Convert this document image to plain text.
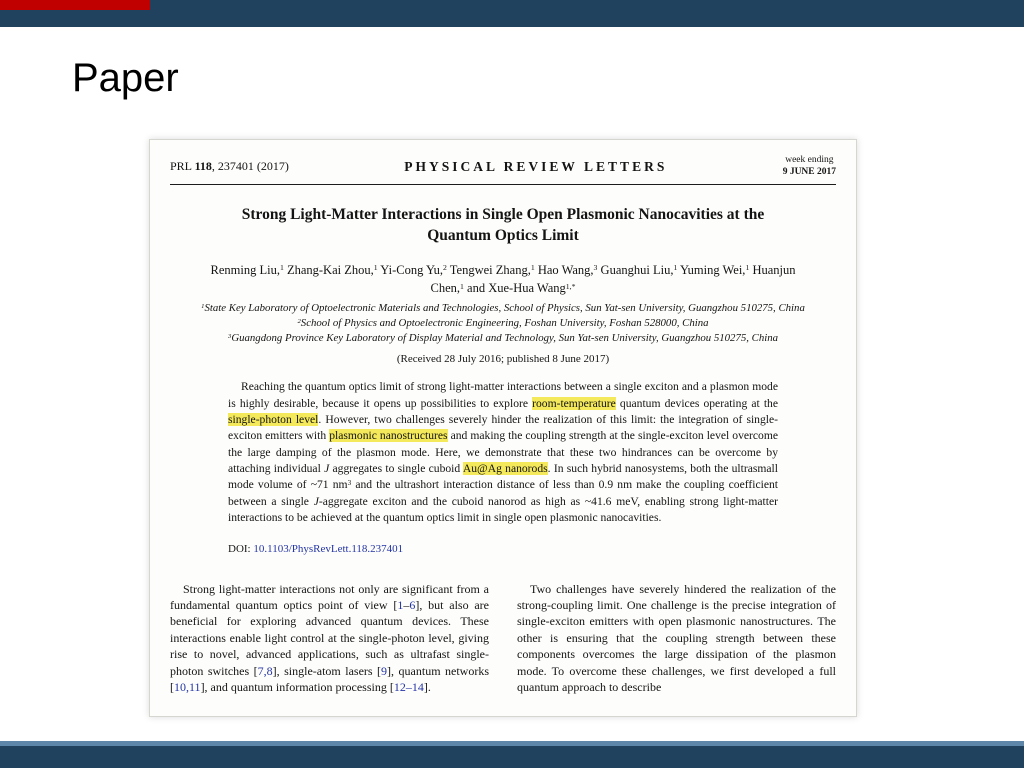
Paper
PRL 118, 237401 (2017)	PHYSICAL REVIEW LETTERS	week ending
9 JUNE 2017
Strong Light-Matter Interactions in Single Open Plasmonic Nanocavities at the Quantum Optics Limit
Renming Liu,$^1$ Zhang-Kai Zhou,$^1$ Yi-Cong Yu,$^2$ Tengwei Zhang,$^1$ Hao Wang,$^3$ Guanghui Liu,$^1$ Yuming Wei,$^1$ Huanjun Chen,$^1$ and Xue-Hua Wang$^{1,*}$
$^1$State Key Laboratory of Optoelectronic Materials and Technologies, School of Physics, Sun Yat-sen University, Guangzhou 510275, China
$^2$School of Physics and Optoelectronic Engineering, Foshan University, Foshan 528000, China
$^3$Guangdong Province Key Laboratory of Display Material and Technology, Sun Yat-sen University, Guangzhou 510275, China
(Received 28 July 2016; published 8 June 2017)

Reaching the quantum optics limit of strong light-matter interactions between a single exciton and a plasmon mode is highly desirable, because it opens up possibilities to explore room-temperature quantum devices operating at the single-photon level. However, two challenges severely hinder the realization of this limit: the integration of single-exciton emitters with plasmonic nanostructures and making the coupling strength at the single-exciton level overcome the large damping of the plasmon mode. Here, we demonstrate that these two hindrances can be overcome by attaching individual J aggregates to single cuboid Au@Ag nanorods. In such hybrid nanosystems, both the ultrasmall mode volume of ~71 $nm^3$ and the ultrashort interaction distance of less than 0.9 nm make the coupling coefficient between a single J-aggregate exciton and the cuboid nanorod as high as ~41.6 meV, enabling strong light-matter interactions to be achieved at the quantum optics limit in single open plasmonic nanocavities.

DOI: 10.1103/PhysRevLett.118.237401

Strong light-matter interactions not only are significant from a fundamental quantum optics point of view [1–6], but also are beneficial for exploring advanced quantum devices. These interactions enable light control at the single-photon level, giving rise to novel, advanced applications, such as ultrafast single-photon switches [7,8], single-atom lasers [9], quantum networks [10,11], and quantum information processing [12–14].

Two challenges have severely hindered the realization of the strong-coupling limit. One challenge is the precise integration of single-exciton emitters with open plasmonic nanostructures. The other is ensuring that the coupling strength between these components overcomes the large dissipation of the plasmon mode. To overcome these challenges, we first developed a full quantum approach to describe
